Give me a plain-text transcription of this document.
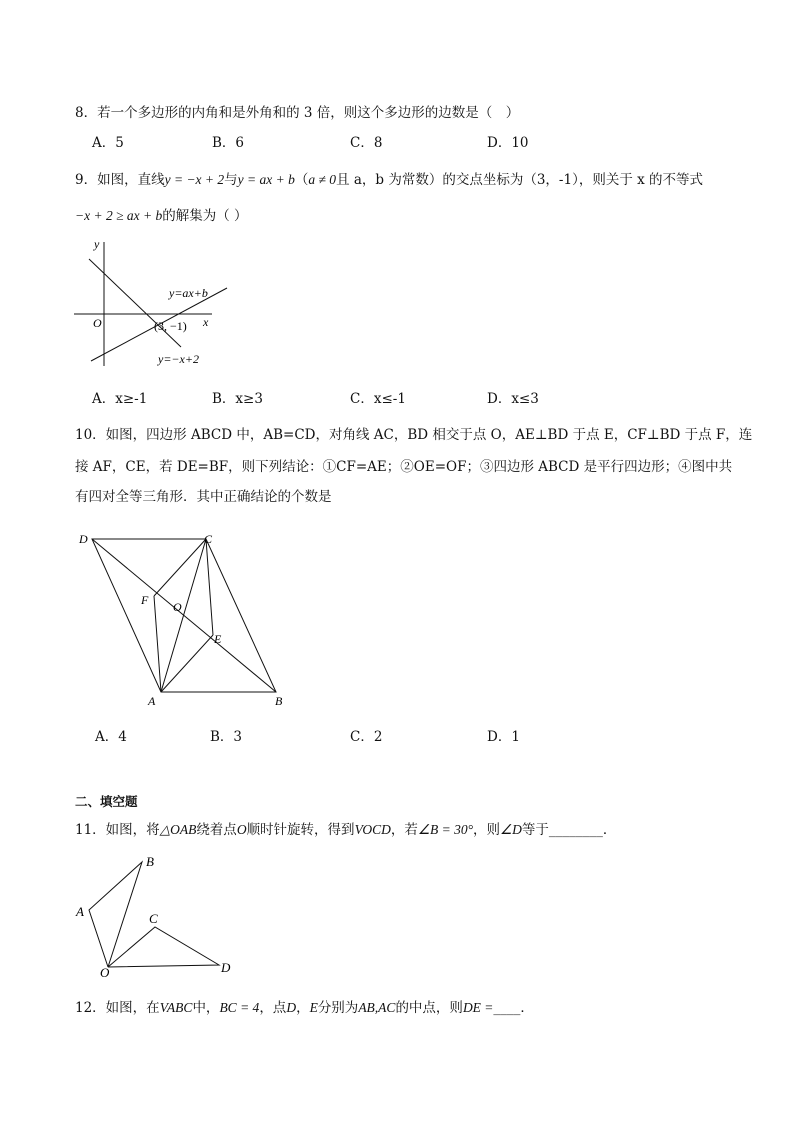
8．若一个多边形的内角和是外角和的 3 倍，则这个多边形的边数是（　）
A．5	B．6	C．8	D．10
9．如图，直线y = −x + 2与y = ax + b（a ≠ 0且 a，b 为常数）的交点坐标为（3，-1），则关于 x 的不等式
−x + 2 ≥ ax + b的解集为（ ）
y
x
O
y=ax+b
(3, −1)
y=−x+2
A．x≥-1	B．x≥3	C．x≤-1	D．x≤3
10．如图，四边形 ABCD 中，AB=CD，对角线 AC，BD 相交于点 O，AE⊥BD 于点 E，CF⊥BD 于点 F，连
接 AF，CE，若 DE=BF，则下列结论：①CF=AE；②OE=OF；③四边形 ABCD 是平行四边形；④图中共
有四对全等三角形．其中正确结论的个数是
D	C
F O
E
A	B
A．4	B．3	C．2	D．1
二、填空题
11．如图，将△OAB绕着点O顺时针旋转，得到VOCD，若∠B = 30°，则∠D等于________．
B
A	C
O	D
12．如图，在VABC中，BC = 4，点D，E分别为AB,AC的中点，则DE =____．
